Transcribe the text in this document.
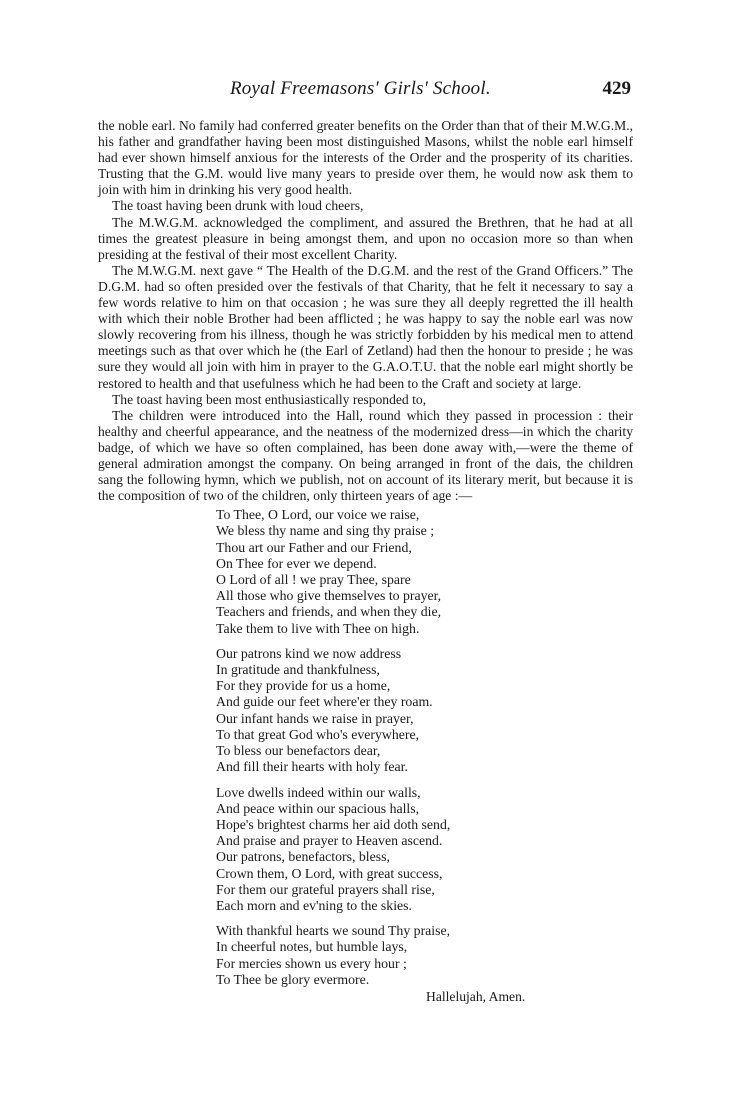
Royal Freemasons' Girls' School.	429

the noble earl. No family had conferred greater benefits on the Order than that of their M.W.G.M., his father and grandfather having been most distinguished Masons, whilst the noble earl himself had ever shown himself anxious for the interests of the Order and the prosperity of its charities. Trusting that the G.M. would live many years to preside over them, he would now ask them to join with him in drinking his very good health.

The toast having been drunk with loud cheers,

The M.W.G.M. acknowledged the compliment, and assured the Brethren, that he had at all times the greatest pleasure in being amongst them, and upon no occasion more so than when presiding at the festival of their most excellent Charity.

The M.W.G.M. next gave “ The Health of the D.G.M. and the rest of the Grand Officers.” The D.G.M. had so often presided over the festivals of that Charity, that he felt it necessary to say a few words relative to him on that occasion ; he was sure they all deeply regretted the ill health with which their noble Brother had been afflicted ; he was happy to say the noble earl was now slowly recovering from his illness, though he was strictly forbidden by his medical men to attend meetings such as that over which he (the Earl of Zetland) had then the honour to preside ; he was sure they would all join with him in prayer to the G.A.O.T.U. that the noble earl might shortly be restored to health and that usefulness which he had been to the Craft and society at large.

The toast having been most enthusiastically responded to,

The children were introduced into the Hall, round which they passed in procession : their healthy and cheerful appearance, and the neatness of the modernized dress—in which the charity badge, of which we have so often complained, has been done away with,—were the theme of general admiration amongst the company. On being arranged in front of the dais, the children sang the following hymn, which we publish, not on account of its literary merit, but because it is the composition of two of the children, only thirteen years of age :—

To Thee, O Lord, our voice we raise,
We bless thy name and sing thy praise ;
Thou art our Father and our Friend,
On Thee for ever we depend.
O Lord of all ! we pray Thee, spare
All those who give themselves to prayer,
Teachers and friends, and when they die,
Take them to live with Thee on high.
Our patrons kind we now address
In gratitude and thankfulness,
For they provide for us a home,
And guide our feet where'er they roam.
Our infant hands we raise in prayer,
To that great God who's everywhere,
To bless our benefactors dear,
And fill their hearts with holy fear.
Love dwells indeed within our walls,
And peace within our spacious halls,
Hope's brightest charms her aid doth send,
And praise and prayer to Heaven ascend.
Our patrons, benefactors, bless,
Crown them, O Lord, with great success,
For them our grateful prayers shall rise,
Each morn and ev'ning to the skies.
With thankful hearts we sound Thy praise,
In cheerful notes, but humble lays,
For mercies shown us every hour ;
To Thee be glory evermore.
Hallelujah, Amen.
